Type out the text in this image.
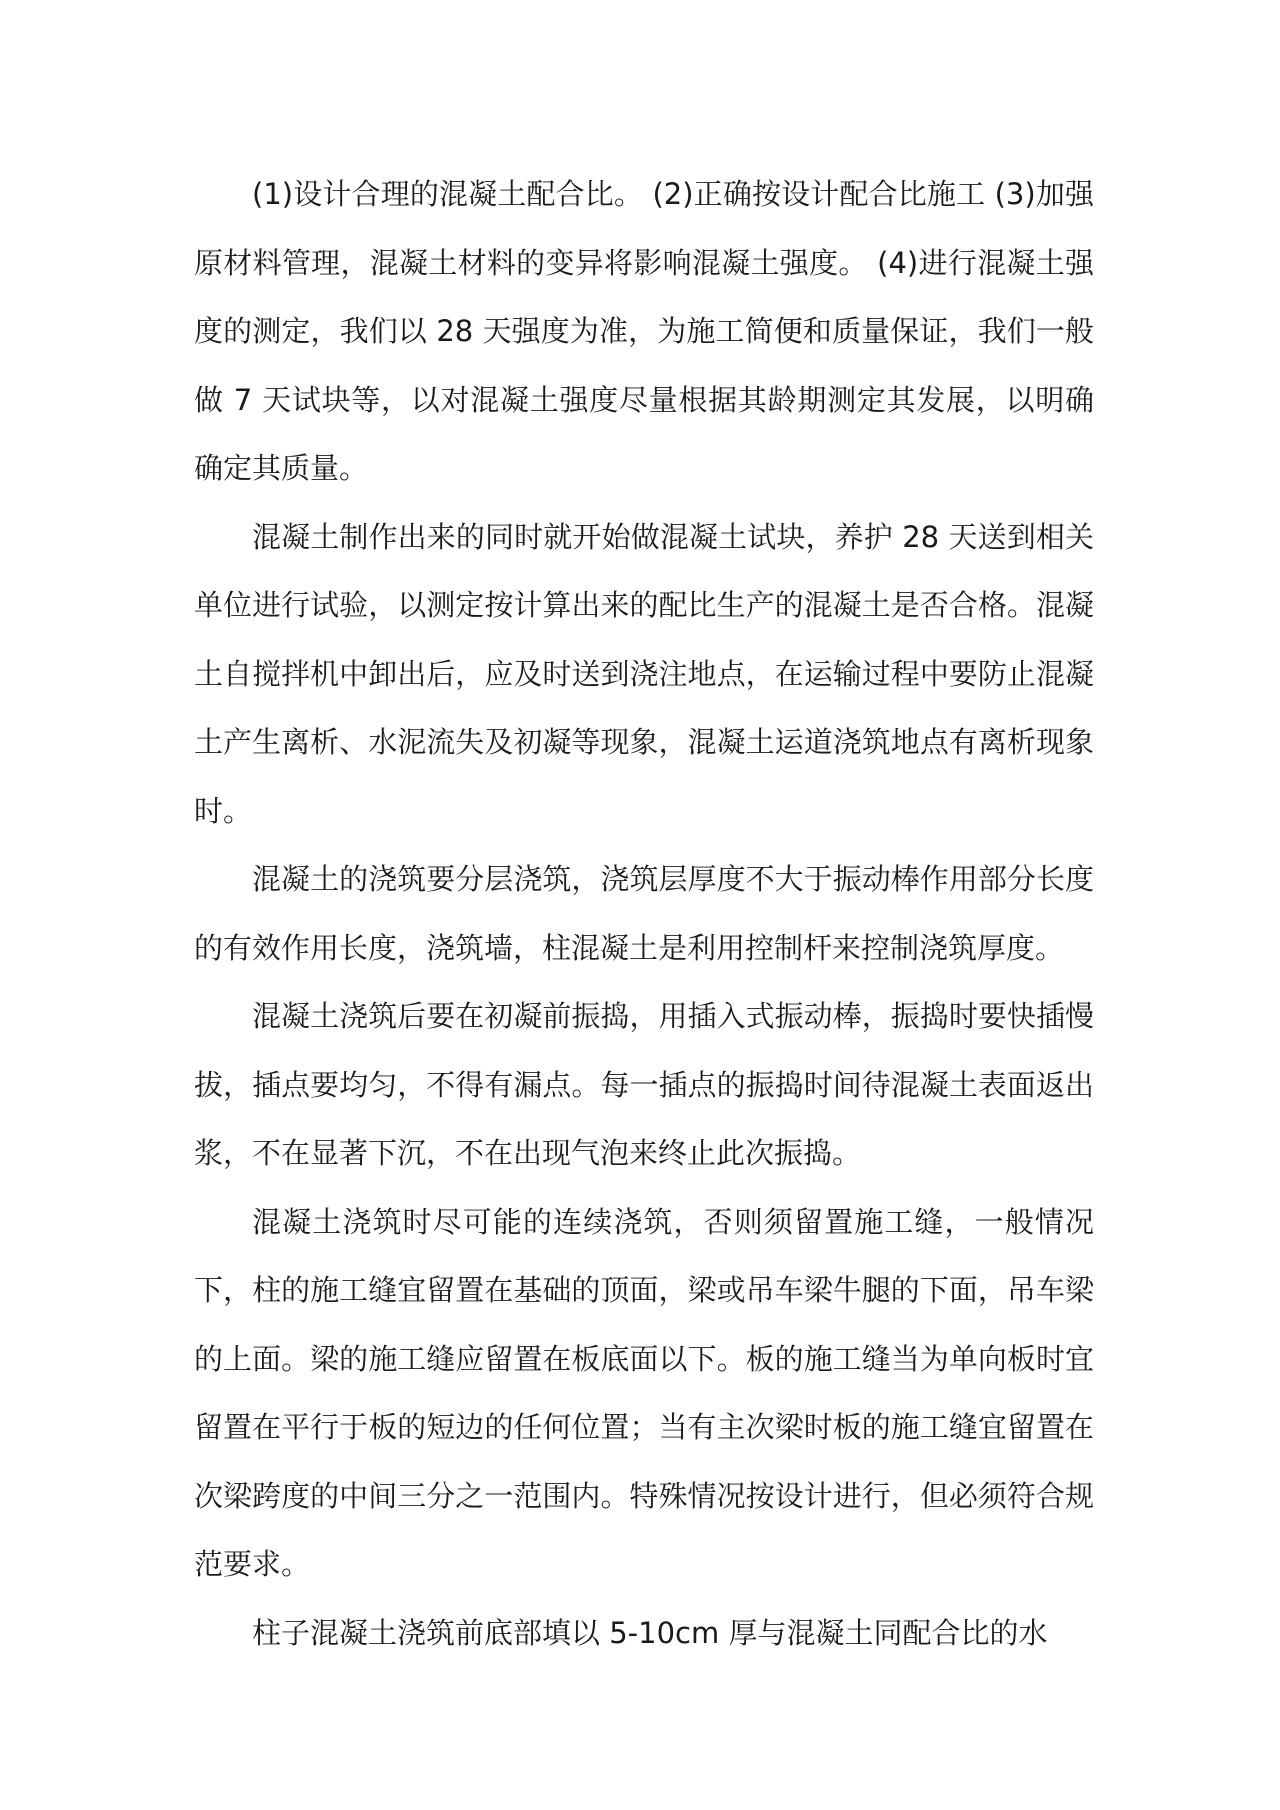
(1)设计合理的混凝土配合比。 (2)正确按设计配合比施工 (3)加强原材料管理，混凝土材料的变异将影响混凝土强度。 (4)进行混凝土强度的测定，我们以 28 天强度为准，为施工简便和质量保证，我们一般做 7 天试块等，以对混凝土强度尽量根据其龄期测定其发展，以明确确定其质量。

混凝土制作出来的同时就开始做混凝土试块，养护 28 天送到相关单位进行试验，以测定按计算出来的配比生产的混凝土是否合格。混凝土自搅拌机中卸出后，应及时送到浇注地点，在运输过程中要防止混凝土产生离析、水泥流失及初凝等现象，混凝土运道浇筑地点有离析现象时。

混凝土的浇筑要分层浇筑，浇筑层厚度不大于振动棒作用部分长度的有效作用长度，浇筑墙，柱混凝土是利用控制杆来控制浇筑厚度。

混凝土浇筑后要在初凝前振捣，用插入式振动棒，振捣时要快插慢拔，插点要均匀，不得有漏点。每一插点的振捣时间待混凝土表面返出浆，不在显著下沉，不在出现气泡来终止此次振捣。

混凝土浇筑时尽可能的连续浇筑，否则须留置施工缝，一般情况下，柱的施工缝宜留置在基础的顶面，梁或吊车梁牛腿的下面，吊车梁的上面。梁的施工缝应留置在板底面以下。板的施工缝当为单向板时宜留置在平行于板的短边的任何位置；当有主次梁时板的施工缝宜留置在次梁跨度的中间三分之一范围内。特殊情况按设计进行，但必须符合规范要求。

柱子混凝土浇筑前底部填以 5-10cm 厚与混凝土同配合比的水
